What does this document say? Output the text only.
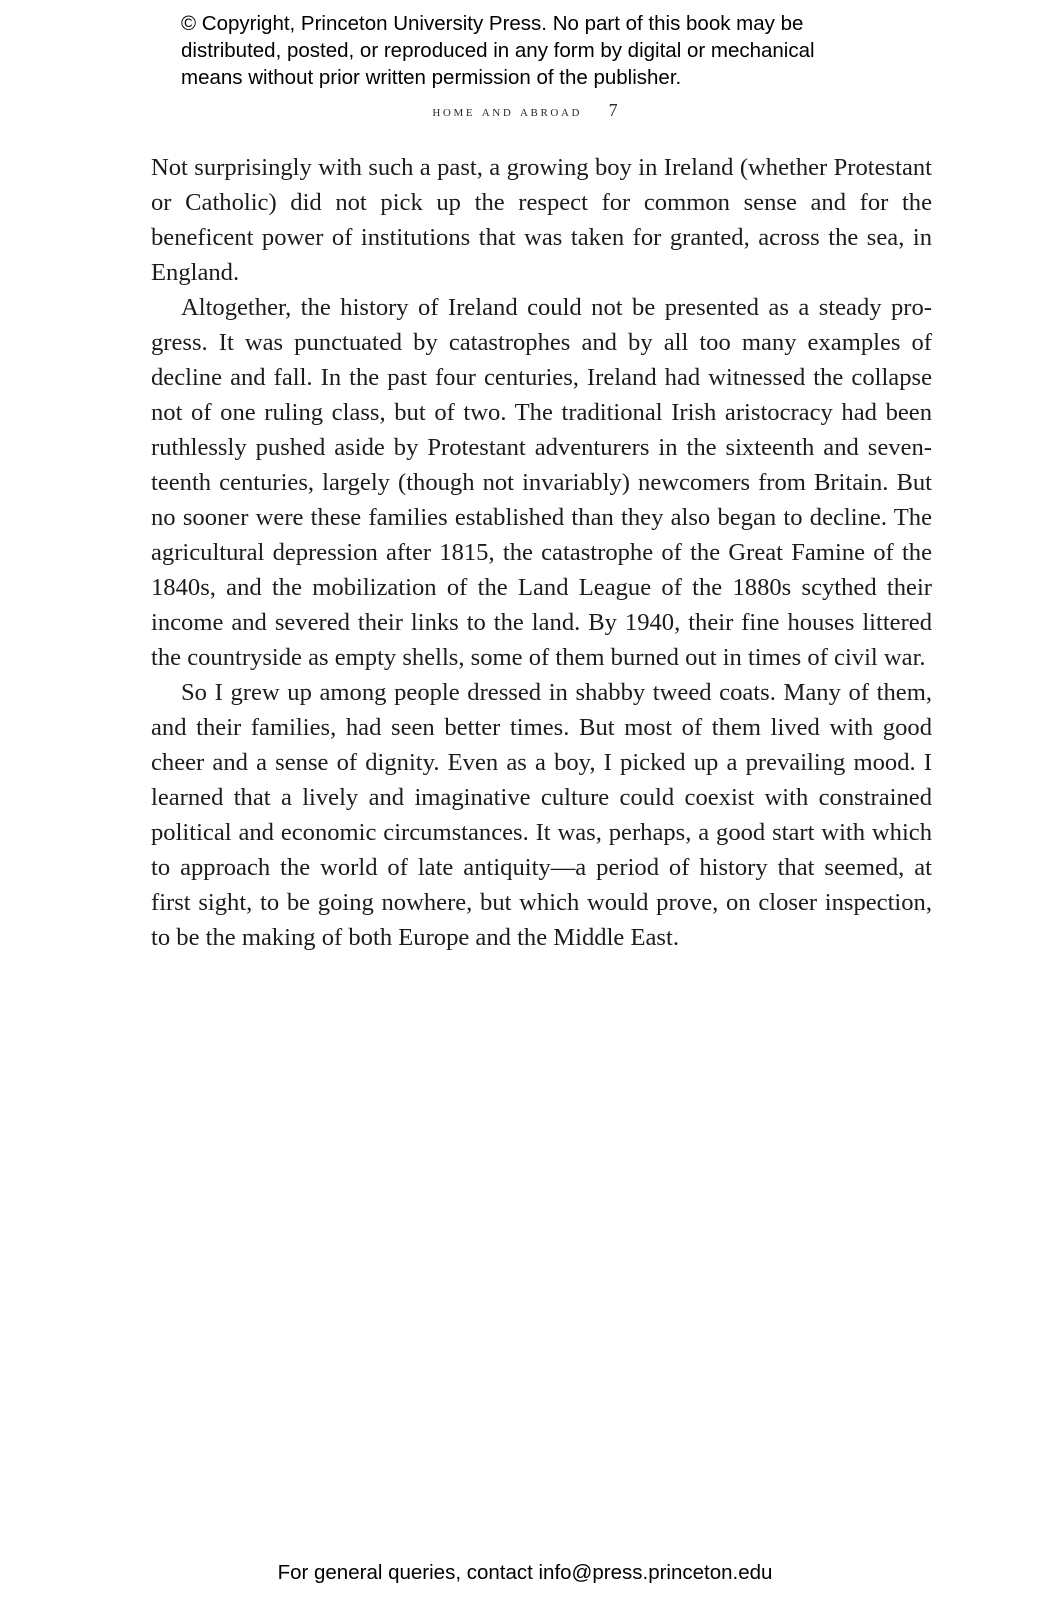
© Copyright, Princeton University Press. No part of this book may be
distributed, posted, or reproduced in any form by digital or mechanical
means without prior written permission of the publisher.
home and abroad 7

Not surprisingly with such a past, a growing boy in Ireland (whether Protestant or Catholic) did not pick up the respect for common sense and for the beneficent power of institutions that was taken for granted, across the sea, in England.

Altogether, the history of Ireland could not be presented as a steady progress. It was punctuated by catastrophes and by all too many examples of decline and fall. In the past four centuries, Ireland had witnessed the collapse not of one ruling class, but of two. The traditional Irish aristocracy had been ruthlessly pushed aside by Protestant adventurers in the sixteenth and seventeenth centuries, largely (though not invariably) newcomers from Britain. But no sooner were these families established than they also began to decline. The agricultural depression after 1815, the catastrophe of the Great Famine of the 1840s, and the mobilization of the Land League of the 1880s scythed their income and severed their links to the land. By 1940, their fine houses littered the countryside as empty shells, some of them burned out in times of civil war.

So I grew up among people dressed in shabby tweed coats. Many of them, and their families, had seen better times. But most of them lived with good cheer and a sense of dignity. Even as a boy, I picked up a prevailing mood. I learned that a lively and imaginative culture could coexist with constrained political and economic circumstances. It was, perhaps, a good start with which to approach the world of late antiquity—a period of history that seemed, at first sight, to be going nowhere, but which would prove, on closer inspection, to be the making of both Europe and the Middle East.

For general queries, contact info@press.princeton.edu
